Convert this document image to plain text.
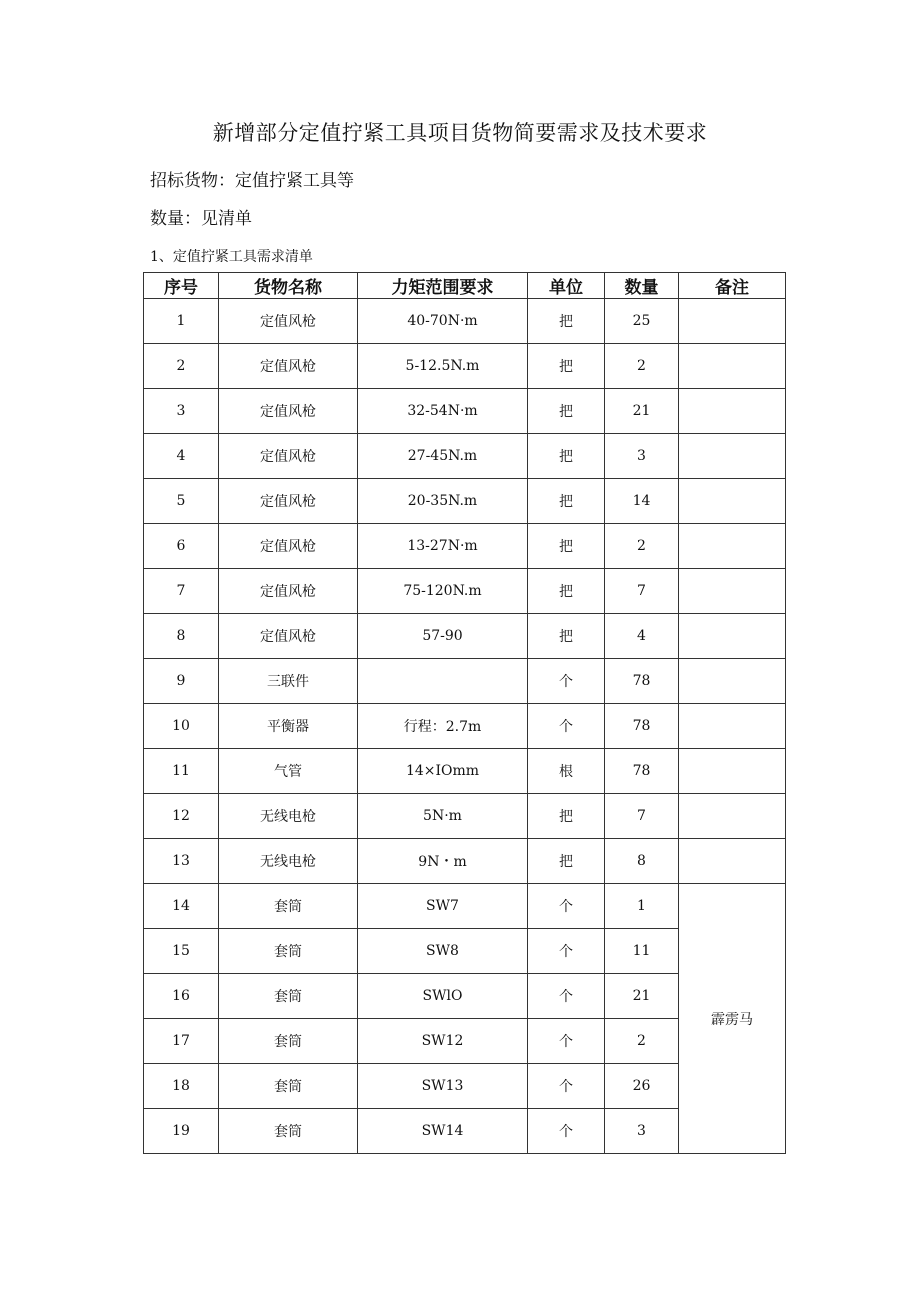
新增部分定值拧紧工具项目货物简要需求及技术要求
招标货物：定值拧紧工具等
数量：见清单
1、定值拧紧工具需求清单
序号	货物名称	力矩范围要求	单位	数量	备注
1	定值风枪	40-70N·m	把	25	
2	定值风枪	5-12.5N.m	把	2	
3	定值风枪	32-54N·m	把	21	
4	定值风枪	27-45N.m	把	3	
5	定值风枪	20-35N.m	把	14	
6	定值风枪	13-27N·m	把	2	
7	定值风枪	75-120N.m	把	7	
8	定值风枪	57-90	把	4	
9	三联件		个	78	
10	平衡器	行程：2.7m	个	78	
11	气管	14×IOmm	根	78	
12	无线电枪	5N·m	把	7	
13	无线电枪	9N・m	把	8	
14	套筒	SW7	个	1	霹雳马
15	套筒	SW8	个	11	
16	套筒	SWlO	个	21	
17	套筒	SW12	个	2	
18	套筒	SW13	个	26	
19	套筒	SW14	个	3	
